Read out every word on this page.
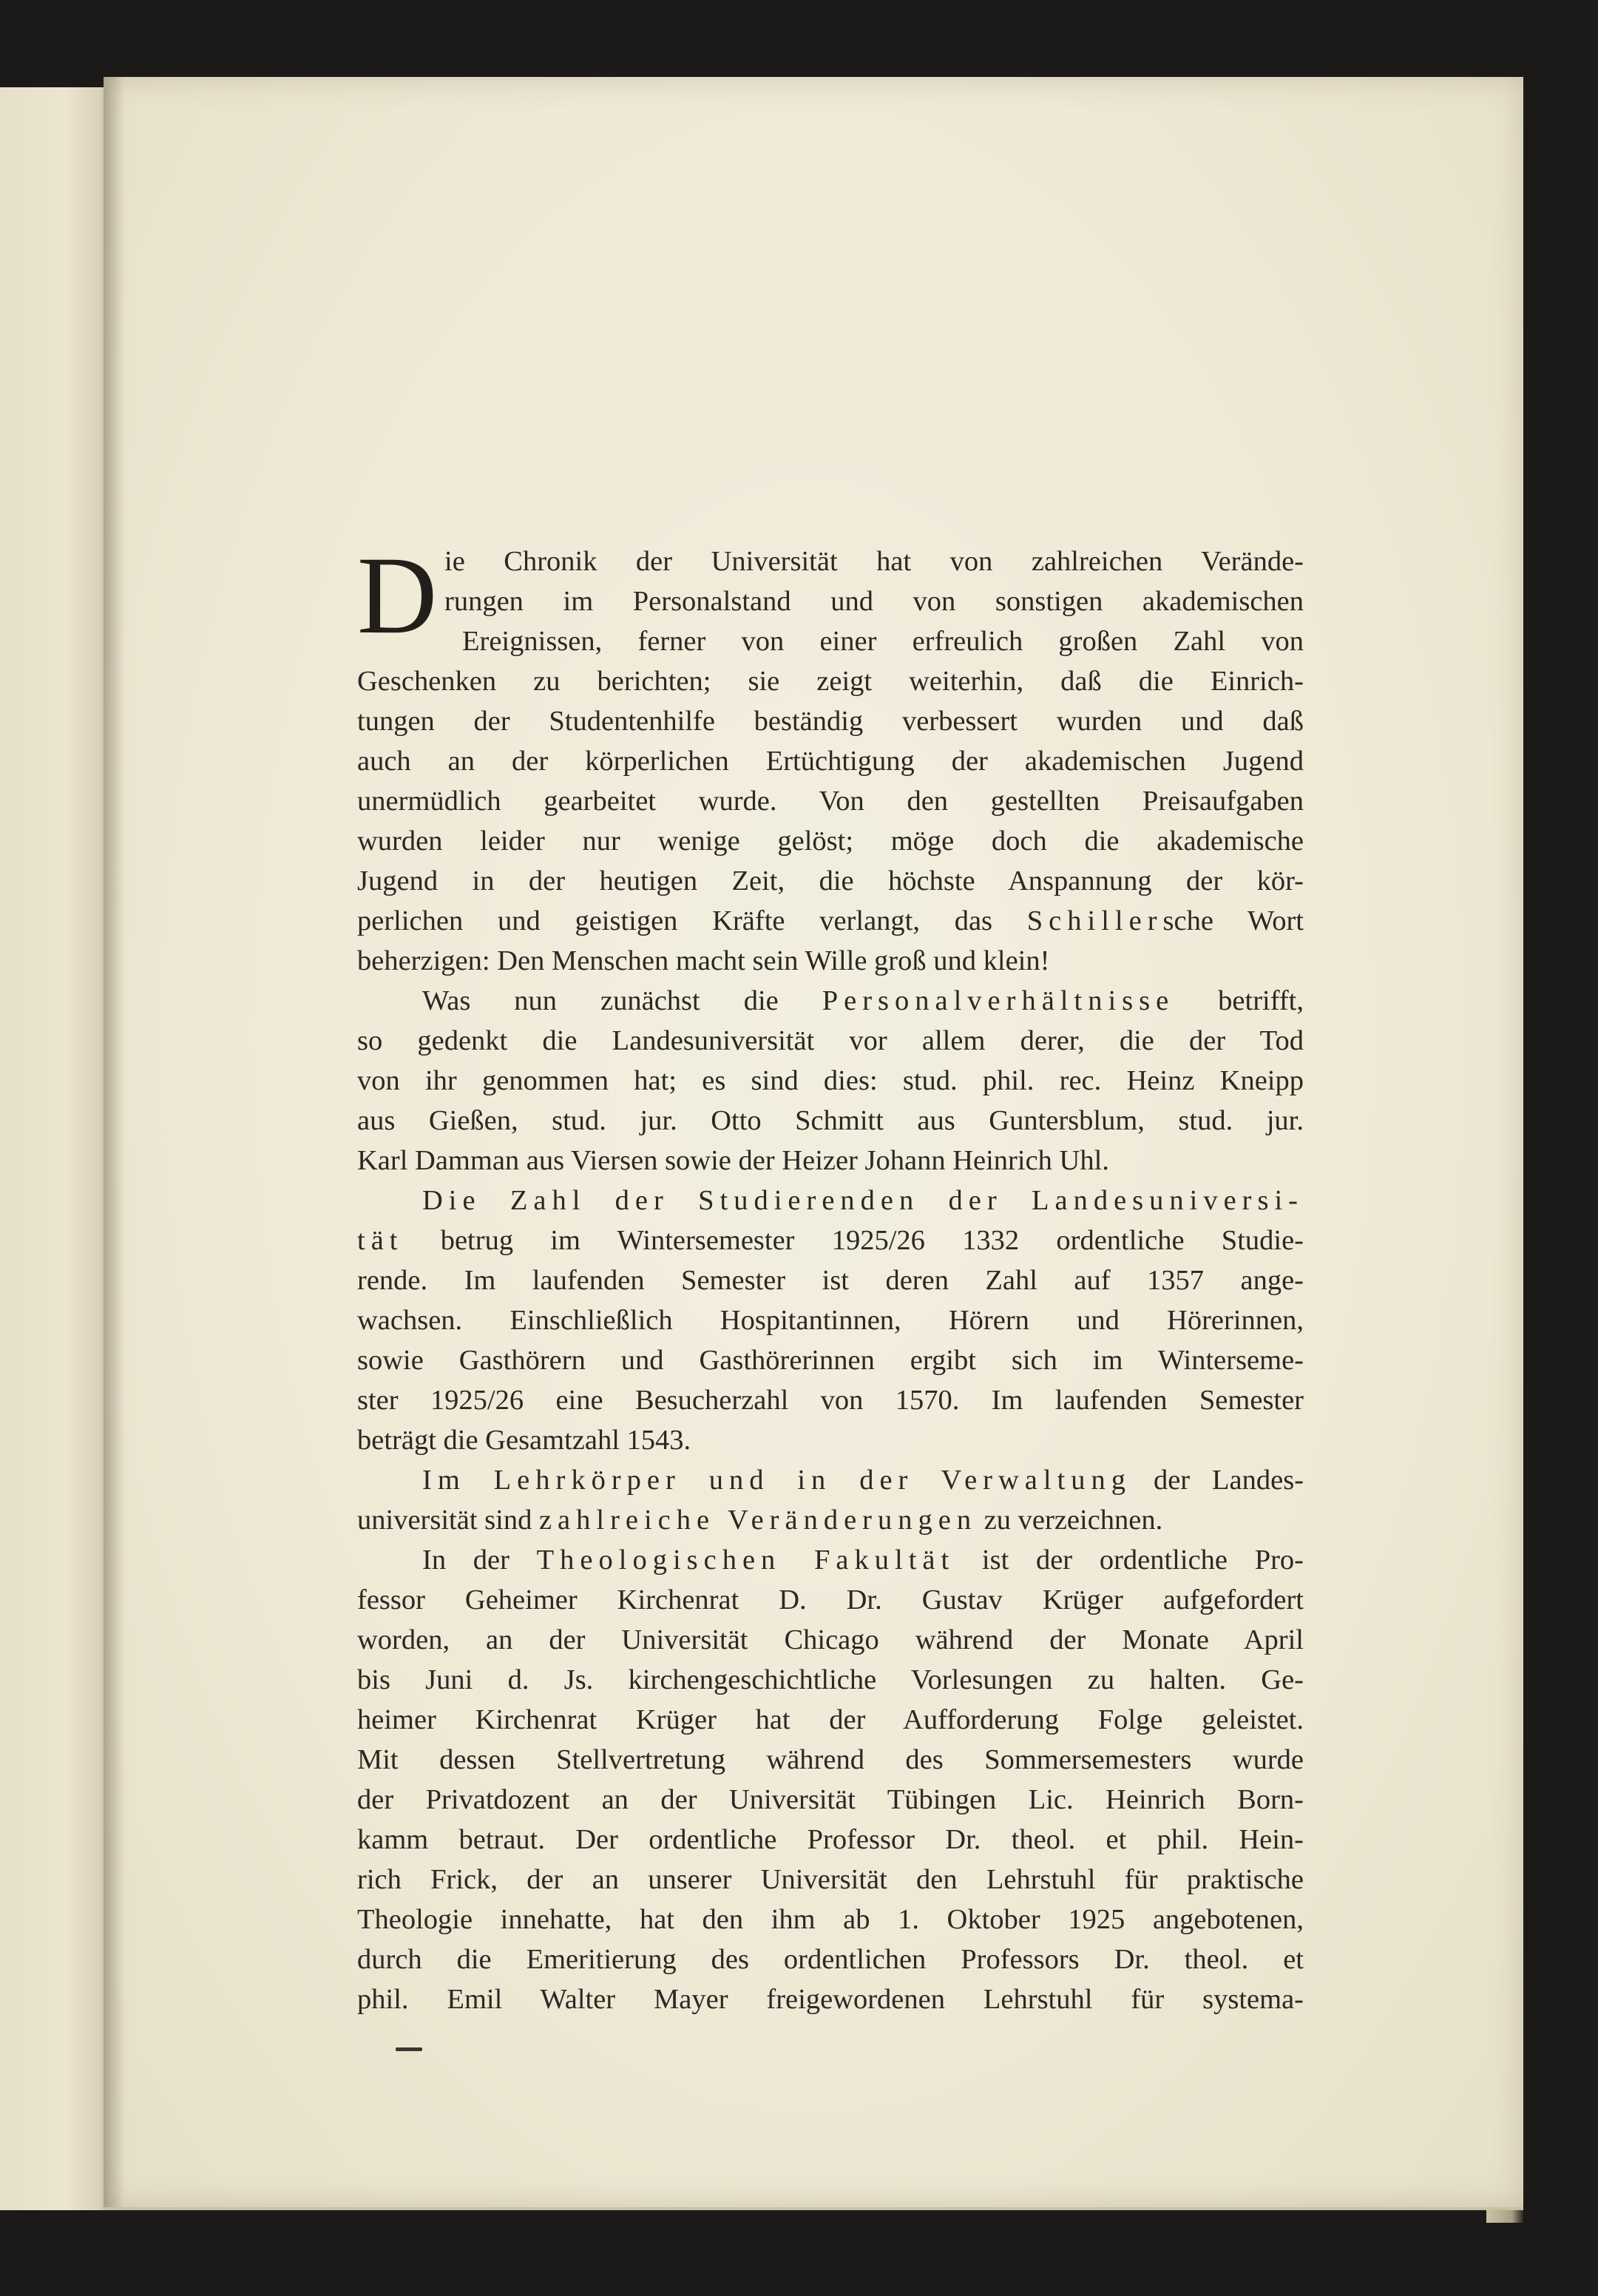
D ie Chronik der Universität hat von zahlreichen Verände-
rungen im Personalstand und von sonstigen akademischen
Ereignissen, ferner von einer erfreulich großen Zahl von
Geschenken zu berichten; sie zeigt weiterhin, daß die Einrich-
tungen der Studentenhilfe beständig verbessert wurden und daß
auch an der körperlichen Ertüchtigung der akademischen Jugend
unermüdlich gearbeitet wurde. Von den gestellten Preisaufgaben
wurden leider nur wenige gelöst; möge doch die akademische
Jugend in der heutigen Zeit, die höchste Anspannung der kör-
perlichen und geistigen Kräfte verlangt, das Schillersche Wort
beherzigen: Den Menschen macht sein Wille groß und klein!
Was nun zunächst die Personalverhältnisse betrifft,
so gedenkt die Landesuniversität vor allem derer, die der Tod
von ihr genommen hat; es sind dies: stud. phil. rec. Heinz Kneipp
aus Gießen, stud. jur. Otto Schmitt aus Guntersblum, stud. jur.
Karl Damman aus Viersen sowie der Heizer Johann Heinrich Uhl.
Die Zahl der Studierenden der Landesuniversi-
tät betrug im Wintersemester 1925/26 1332 ordentliche Studie-
rende. Im laufenden Semester ist deren Zahl auf 1357 ange-
wachsen. Einschließlich Hospitantinnen, Hörern und Hörerinnen,
sowie Gasthörern und Gasthörerinnen ergibt sich im Winterseme-
ster 1925/26 eine Besucherzahl von 1570. Im laufenden Semester
beträgt die Gesamtzahl 1543.
Im Lehrkörper und in der Verwaltung der Landes-
universität sind zahlreiche Veränderungen zu verzeichnen.
In der Theologischen Fakultät ist der ordentliche Pro-
fessor Geheimer Kirchenrat D. Dr. Gustav Krüger aufgefordert
worden, an der Universität Chicago während der Monate April
bis Juni d. Js. kirchengeschichtliche Vorlesungen zu halten. Ge-
heimer Kirchenrat Krüger hat der Aufforderung Folge geleistet.
Mit dessen Stellvertretung während des Sommersemesters wurde
der Privatdozent an der Universität Tübingen Lic. Heinrich Born-
kamm betraut. Der ordentliche Professor Dr. theol. et phil. Hein-
rich Frick, der an unserer Universität den Lehrstuhl für praktische
Theologie innehatte, hat den ihm ab 1. Oktober 1925 angebotenen,
durch die Emeritierung des ordentlichen Professors Dr. theol. et
phil. Emil Walter Mayer freigewordenen Lehrstuhl für systema-
